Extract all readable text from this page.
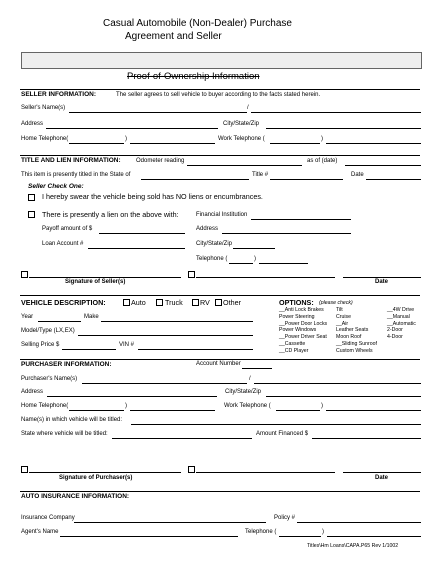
Casual Automobile (Non-Dealer) Purchase
Agreement and Seller
Proof-of-Ownership Information
SELLER INFORMATION:	The seller agrees to sell vehicle to buyer according to the facts stated herein.
Seller's Name(s)	/
Address	City/State/Zip
Home Telephone(	)	Work Telephone (	)
TITLE AND LIEN INFORMATION:	Odometer reading	as of (date)
This item is presently titled in the State of	Title #	Date
Seller Check One:
I hereby swear the vehicle being sold has NO liens or encumbrances.
There is presently a lien on the above with:	Financial Institution
Payoff amount of $	Address
Loan Account #	City/State/Zip
Telephone (	)
Signature of Seller(s)	Date
VEHICLE DESCRIPTION:	Auto	Truck RV Other	OPTIONS: (please check)
Year	Make
Model/Type (LX,EX)
Selling Price $	VIN #
__Anti Lock Brakes
Power Steering
__Power Door Locks
Power Windows
__Power Driver Seat
__Cassette
__CD Player
Tilt
Cruise
__Air
Leather Seats
Moon Roof
__Sliding Sunroof
Custom Wheels
__4W Drive
__Manual
__Automatic
2-Door
4-Door
PURCHASER INFORMATION:	Account Number
Purchaser's Name(s)	/
Address	City/State/Zip
Home Telephone(	)	Work Telephone (	)
Name(s) in which vehicle will be titled:
State where vehicle will be titled:	Amount Financed $
Signature of Purchaser(s)	Date
AUTO INSURANCE INFORMATION:
Insurance Company	Policy #
Agent's Name	Telephone (	)
Titles\Hm Loans\CAPA.P65 Rev 1/1002
